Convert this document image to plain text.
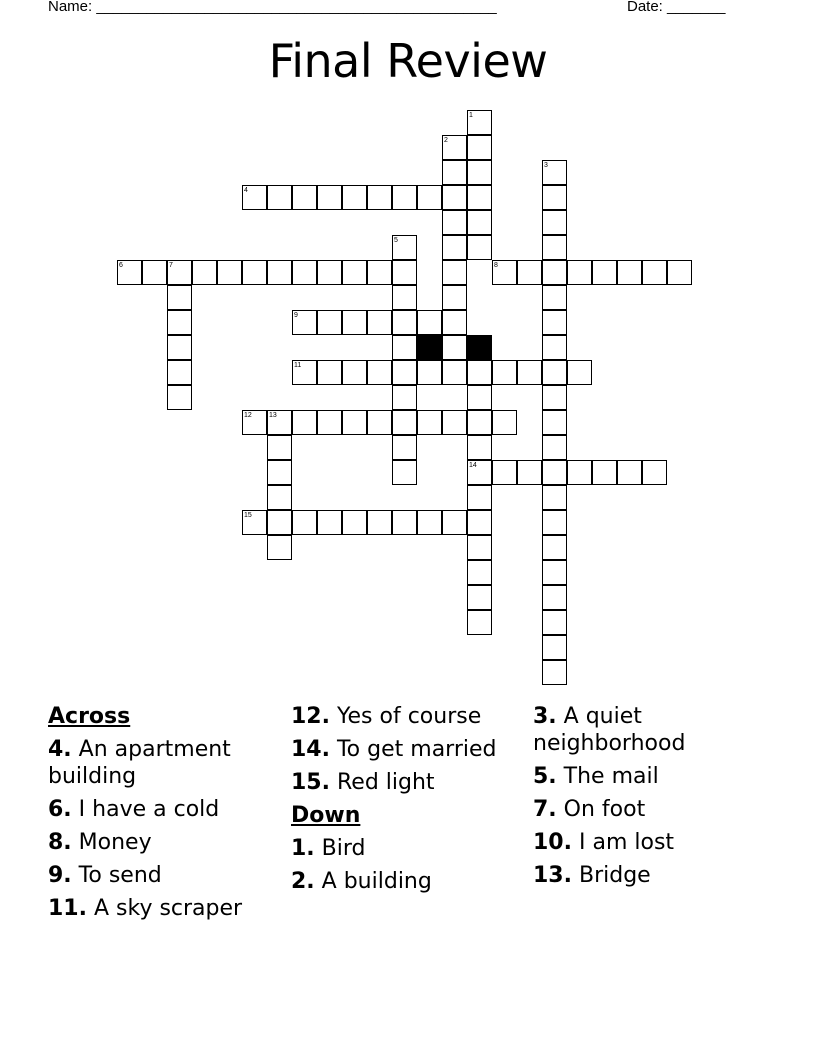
Name: ________________________________________________	Date: _______
Final Review
1
2
3
4
5
6	7	8
9
10
11
12 13
14
15
Across
4. An apartment building
6. I have a cold
8. Money
9. To send
11. A sky scraper
12. Yes of course
14. To get married
15. Red light
Down
1. Bird
2. A building
3. A quiet neighborhood
5. The mail
7. On foot
10. I am lost
13. Bridge
